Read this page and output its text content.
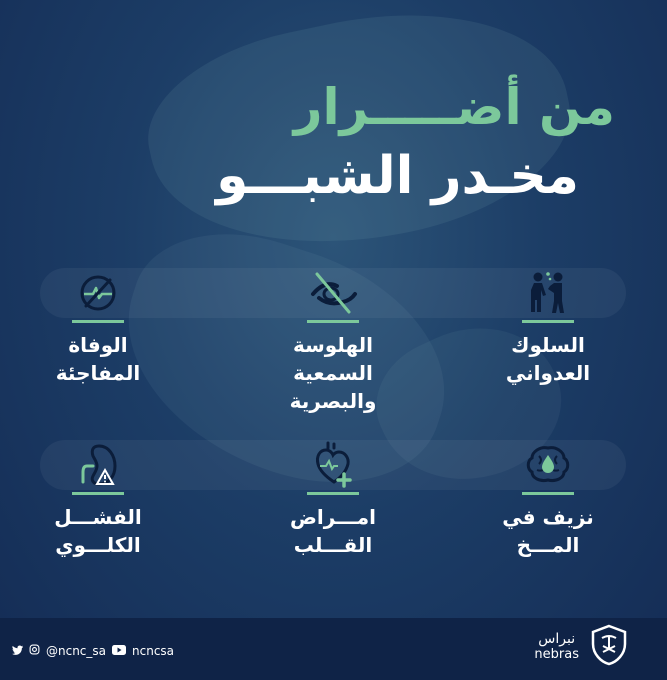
من أضـــــرار
مخـدر الشبـــو
السلوك
العدواني
الهلوسة
السمعية
والبصرية
الوفاة
المفاجئة
نزيف في
المـــخ
امـــراض
القـــلب
الفشـــل
الكلـــوي
@ncnc_sa ncncsa
نبراس
nebras
